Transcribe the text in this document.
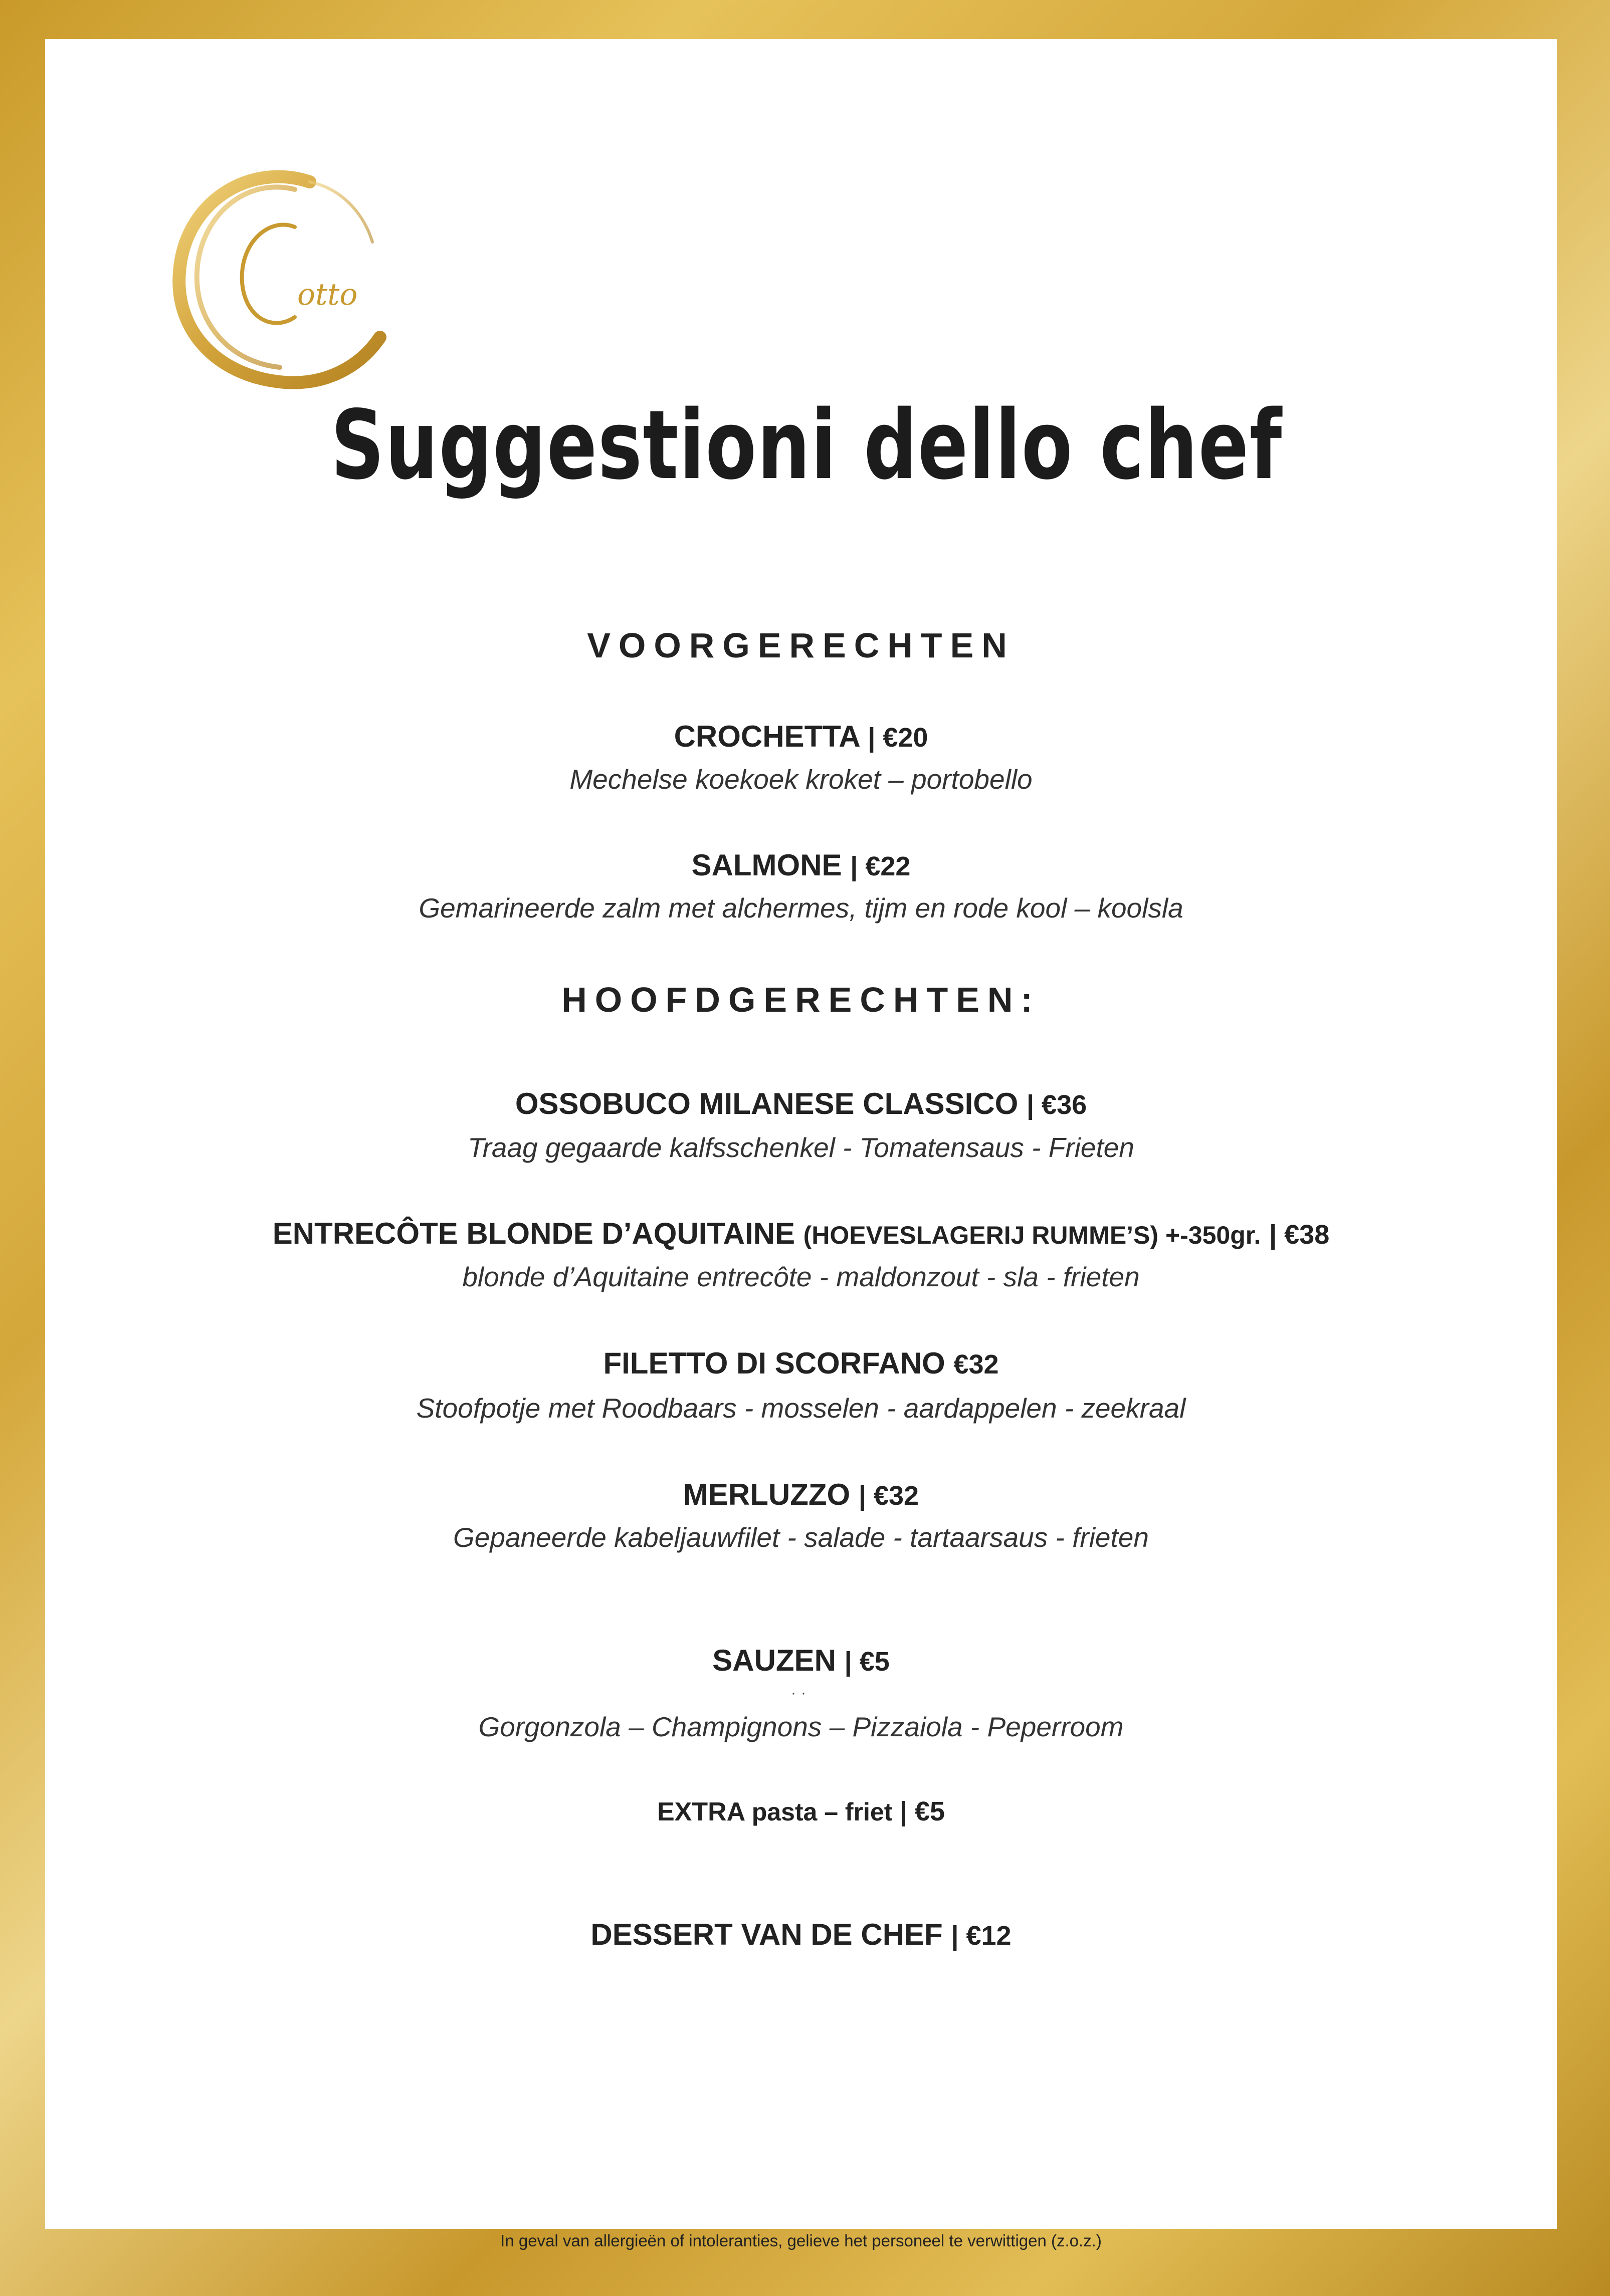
otto
Suggestioni dello chef
VOORGERECHTEN
CROCHETTA | €20
Mechelse koekoek kroket – portobello
SALMONE | €22
Gemarineerde zalm met alchermes, tijm en rode kool – koolsla
HOOFDGERECHTEN:
OSSOBUCO MILANESE CLASSICO | €36
Traag gegaarde kalfsschenkel - Tomatensaus - Frieten
ENTRECÔTE BLONDE D’AQUITAINE (HOEVESLAGERIJ RUMME’S) +-350gr. | €38
blonde d’Aquitaine entrecôte - maldonzout - sla - frieten
FILETTO DI SCORFANO €32
Stoofpotje met Roodbaars - mosselen - aardappelen - zeekraal
MERLUZZO | €32
Gepaneerde kabeljauwfilet - salade - tartaarsaus - frieten
SAUZEN | €5
··
Gorgonzola – Champignons – Pizzaiola - Peperroom
EXTRA pasta – friet | €5
DESSERT VAN DE CHEF | €12
In geval van allergieën of intoleranties, gelieve het personeel te verwittigen (z.o.z.)
